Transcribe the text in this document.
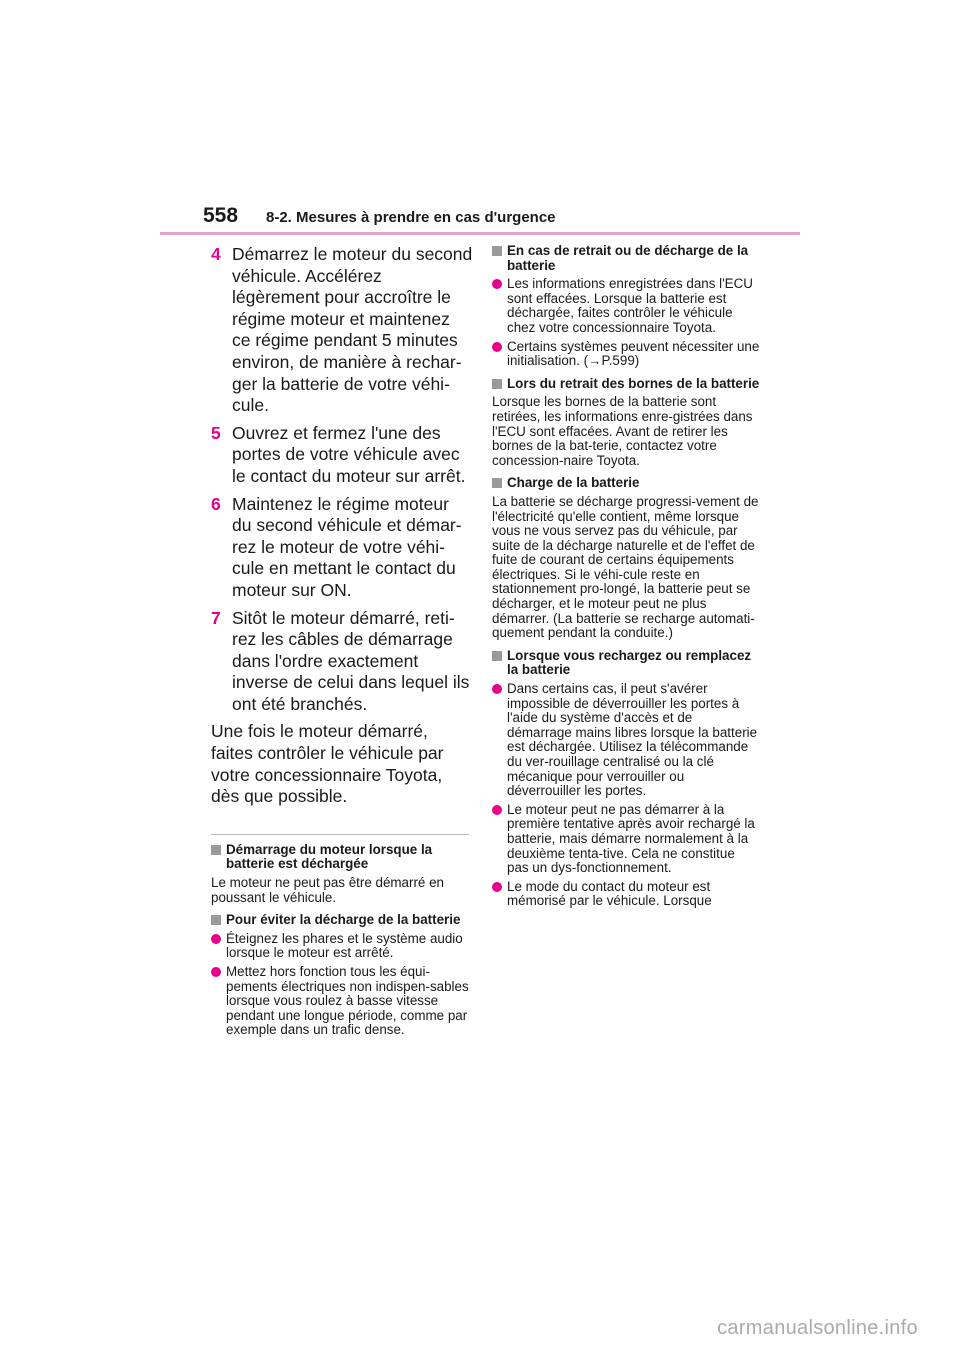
558 8-2. Mesures à prendre en cas d'urgence
4 Démarrez le moteur du second véhicule. Accélérez légèrement pour accroître le régime moteur et maintenez ce régime pendant 5 minutes environ, de manière à rechar-ger la batterie de votre véhi-cule.
5 Ouvrez et fermez l'une des portes de votre véhicule avec le contact du moteur sur arrêt.
6 Maintenez le régime moteur du second véhicule et démar-rez le moteur de votre véhi-cule en mettant le contact du moteur sur ON.
7 Sitôt le moteur démarré, reti-rez les câbles de démarrage dans l'ordre exactement inverse de celui dans lequel ils ont été branchés.
Une fois le moteur démarré, faites contrôler le véhicule par votre concessionnaire Toyota, dès que possible.
Démarrage du moteur lorsque la batterie est déchargée
Le moteur ne peut pas être démarré en poussant le véhicule.
Pour éviter la décharge de la batterie
Éteignez les phares et le système audio lorsque le moteur est arrêté.
Mettez hors fonction tous les équi-pements électriques non indispen-sables lorsque vous roulez à basse vitesse pendant une longue période, comme par exemple dans un trafic dense.
En cas de retrait ou de décharge de la batterie
Les informations enregistrées dans l'ECU sont effacées. Lorsque la batterie est déchargée, faites contrôler le véhicule chez votre concessionnaire Toyota.
Certains systèmes peuvent nécessiter une initialisation. (→P.599)
Lors du retrait des bornes de la batterie
Lorsque les bornes de la batterie sont retirées, les informations enre-gistrées dans l'ECU sont effacées. Avant de retirer les bornes de la bat-terie, contactez votre concession-naire Toyota.
Charge de la batterie
La batterie se décharge progressi-vement de l'électricité qu'elle contient, même lorsque vous ne vous servez pas du véhicule, par suite de la décharge naturelle et de l'effet de fuite de courant de certains équipements électriques. Si le véhi-cule reste en stationnement pro-longé, la batterie peut se décharger, et le moteur peut ne plus démarrer. (La batterie se recharge automati-quement pendant la conduite.)
Lorsque vous rechargez ou remplacez la batterie
Dans certains cas, il peut s'avérer impossible de déverrouiller les portes à l'aide du système d'accès et de démarrage mains libres lorsque la batterie est déchargée. Utilisez la télécommande du ver-rouillage centralisé ou la clé mécanique pour verrouiller ou déverrouiller les portes.
Le moteur peut ne pas démarrer à la première tentative après avoir rechargé la batterie, mais démarre normalement à la deuxième tenta-tive. Cela ne constitue pas un dys-fonctionnement.
Le mode du contact du moteur est mémorisé par le véhicule. Lorsque
carmanualsonline.info
